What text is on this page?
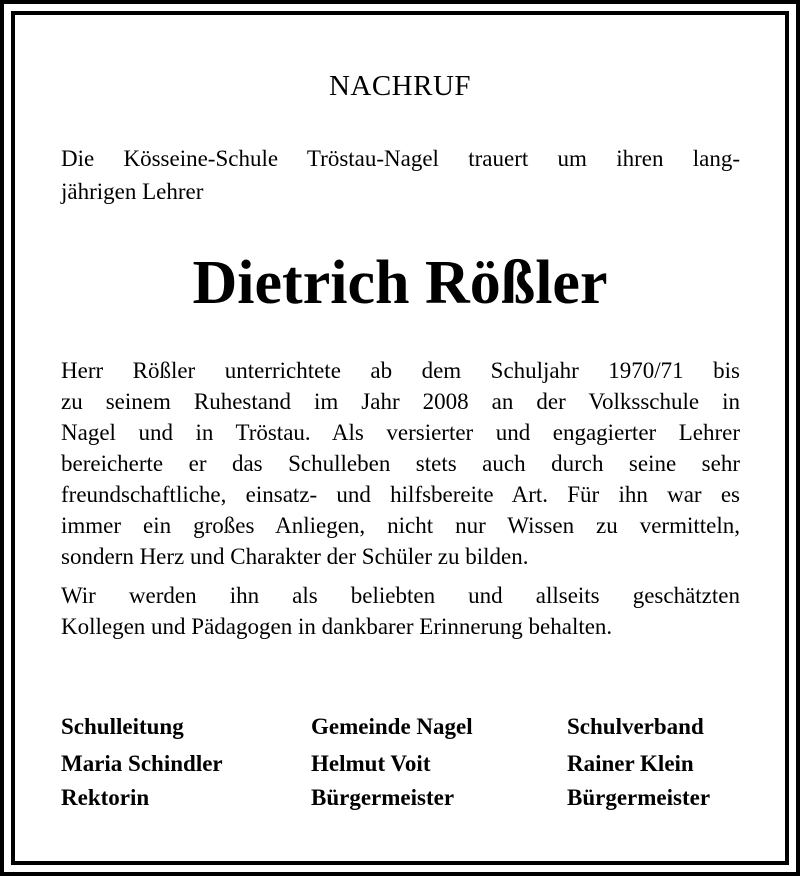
NACHRUF
Die Kösseine-Schule Tröstau-Nagel trauert um ihren lang-
jährigen Lehrer
Dietrich Rößler

Herr Rößler unterrichtete ab dem Schuljahr 1970/71 bis
zu seinem Ruhestand im Jahr 2008 an der Volksschule in
Nagel und in Tröstau. Als versierter und engagierter Lehrer
bereicherte er das Schulleben stets auch durch seine sehr
freundschaftliche, einsatz- und hilfsbereite Art. Für ihn war es
immer ein großes Anliegen, nicht nur Wissen zu vermitteln,
sondern Herz und Charakter der Schüler zu bilden.

Wir werden ihn als beliebten und allseits geschätzten
Kollegen und Pädagogen in dankbarer Erinnerung behalten.

Schulleitung
Maria Schindler
Rektorin
Gemeinde Nagel
Helmut Voit
Bürgermeister
Schulverband
Rainer Klein
Bürgermeister
